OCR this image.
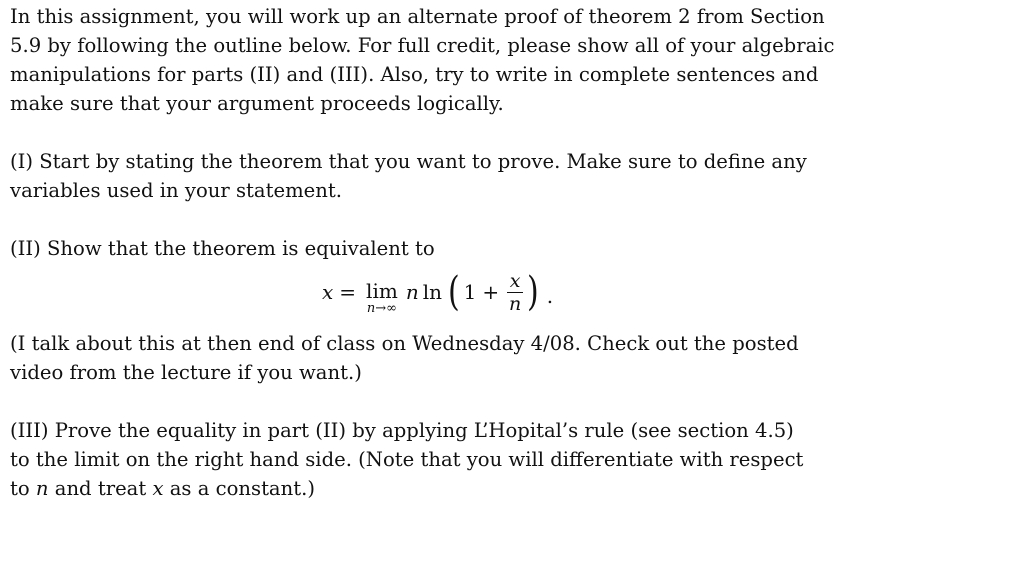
In this assignment, you will work up an alternate proof of theorem 2 from Section
5.9 by following the outline below. For full credit, please show all of your algebraic
manipulations for parts (II) and (III). Also, try to write in complete sentences and
make sure that your argument proceeds logically.

(I) Start by stating the theorem that you want to prove. Make sure to define any
variables used in your statement.

(II) Show that the theorem is equivalent to

x = lim
n→∞
n ln ( $1 + \frac{x}{n}$ ) .

(I talk about this at then end of class on Wednesday 4/08. Check out the posted
video from the lecture if you want.)

(III) Prove the equality in part (II) by applying L’Hopital’s rule (see section 4.5)
to the limit on the right hand side. (Note that you will differentiate with respect
to n and treat x as a constant.)
